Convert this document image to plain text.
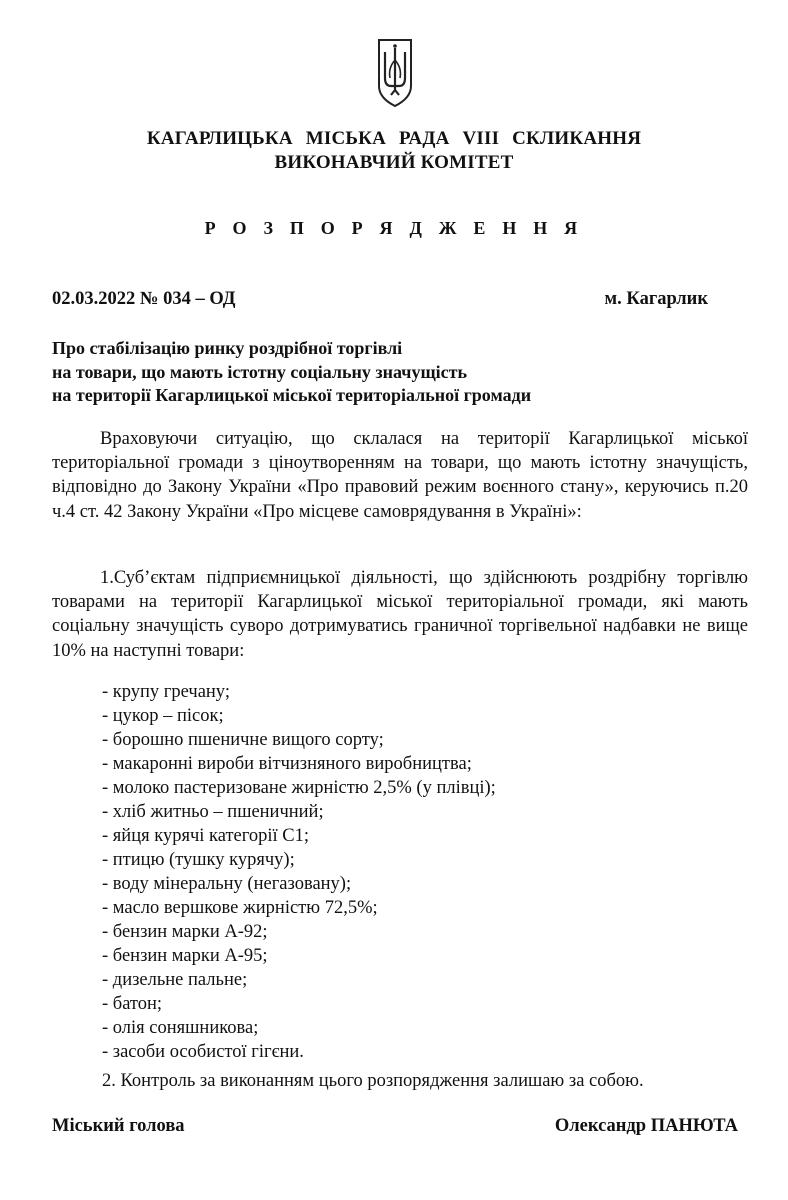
КАГАРЛИЦЬКА МІСЬКА РАДА VIII СКЛИКАННЯ
ВИКОНАВЧИЙ КОМІТЕТ
Р О З П О Р Я Д Ж Е Н Н Я
02.03.2022 № 034 – ОД	м. Кагарлик
Про стабілізацію ринку роздрібної торгівлі
на товари, що мають істотну соціальну значущість
на території Кагарлицької міської територіальної громади
Враховуючи ситуацію, що склалася на території Кагарлицької міської територіальної громади з ціноутворенням на товари, що мають істотну значущість, відповідно до Закону України «Про правовий режим воєнного стану», керуючись п.20 ч.4 ст. 42 Закону України «Про місцеве самоврядування в Україні»:
1.Суб’єктам підприємницької діяльності, що здійснюють роздрібну торгівлю товарами на території Кагарлицької міської територіальної громади, які мають соціальну значущість суворо дотримуватись граничної торгівельної надбавки не вище 10% на наступні товари:
- крупу гречану;
- цукор – пісок;
- борошно пшеничне вищого сорту;
- макаронні вироби вітчизняного виробництва;
- молоко пастеризоване жирністю 2,5% (у плівці);
- хліб житньо – пшеничний;
- яйця курячі категорії С1;
- птицю (тушку курячу);
- воду мінеральну (негазовану);
- масло вершкове жирністю 72,5%;
- бензин марки А-92;
- бензин марки А-95;
- дизельне пальне;
- батон;
- олія соняшникова;
- засоби особистої гігєни.
2. Контроль за виконанням цього розпорядження залишаю за собою.
Міський голова	Олександр ПАНЮТА
